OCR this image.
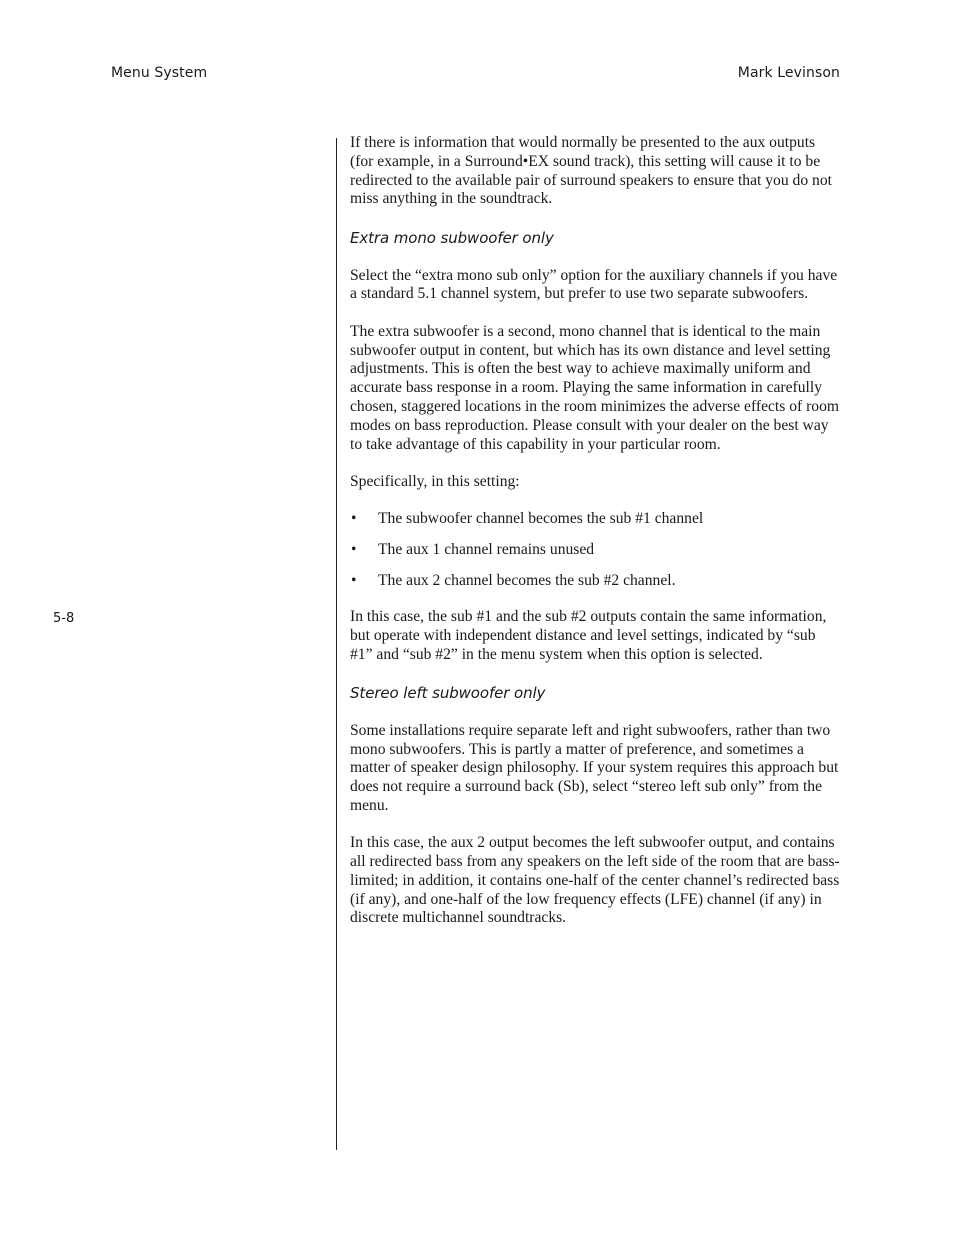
Menu System	Mark Levinson
5-8

If there is information that would normally be presented to the aux outputs (for example, in a Surround•EX sound track), this setting will cause it to be redirected to the available pair of surround speakers to ensure that you do not miss anything in the soundtrack.

Extra mono subwoofer only

Select the “extra mono sub only” option for the auxiliary channels if you have a standard 5.1 channel system, but prefer to use two separate subwoofers.

The extra subwoofer is a second, mono channel that is identical to the main subwoofer output in content, but which has its own distance and level setting adjustments. This is often the best way to achieve maximally uniform and accurate bass response in a room. Playing the same information in carefully chosen, staggered locations in the room minimizes the adverse effects of room modes on bass reproduction. Please consult with your dealer on the best way to take advantage of this capability in your particular room.

Specifically, in this setting:

• The subwoofer channel becomes the sub #1 channel
• The aux 1 channel remains unused
• The aux 2 channel becomes the sub #2 channel.

In this case, the sub #1 and the sub #2 outputs contain the same information, but operate with independent distance and level settings, indicated by “sub #1” and “sub #2” in the menu system when this option is selected.

Stereo left subwoofer only

Some installations require separate left and right subwoofers, rather than two mono subwoofers. This is partly a matter of preference, and sometimes a matter of speaker design philosophy. If your system requires this approach but does not require a surround back (Sb), select “stereo left sub only” from the menu.

In this case, the aux 2 output becomes the left subwoofer output, and contains all redirected bass from any speakers on the left side of the room that are bass-limited; in addition, it contains one-half of the center channel’s redirected bass (if any), and one-half of the low frequency effects (LFE) channel (if any) in discrete multichannel soundtracks.
